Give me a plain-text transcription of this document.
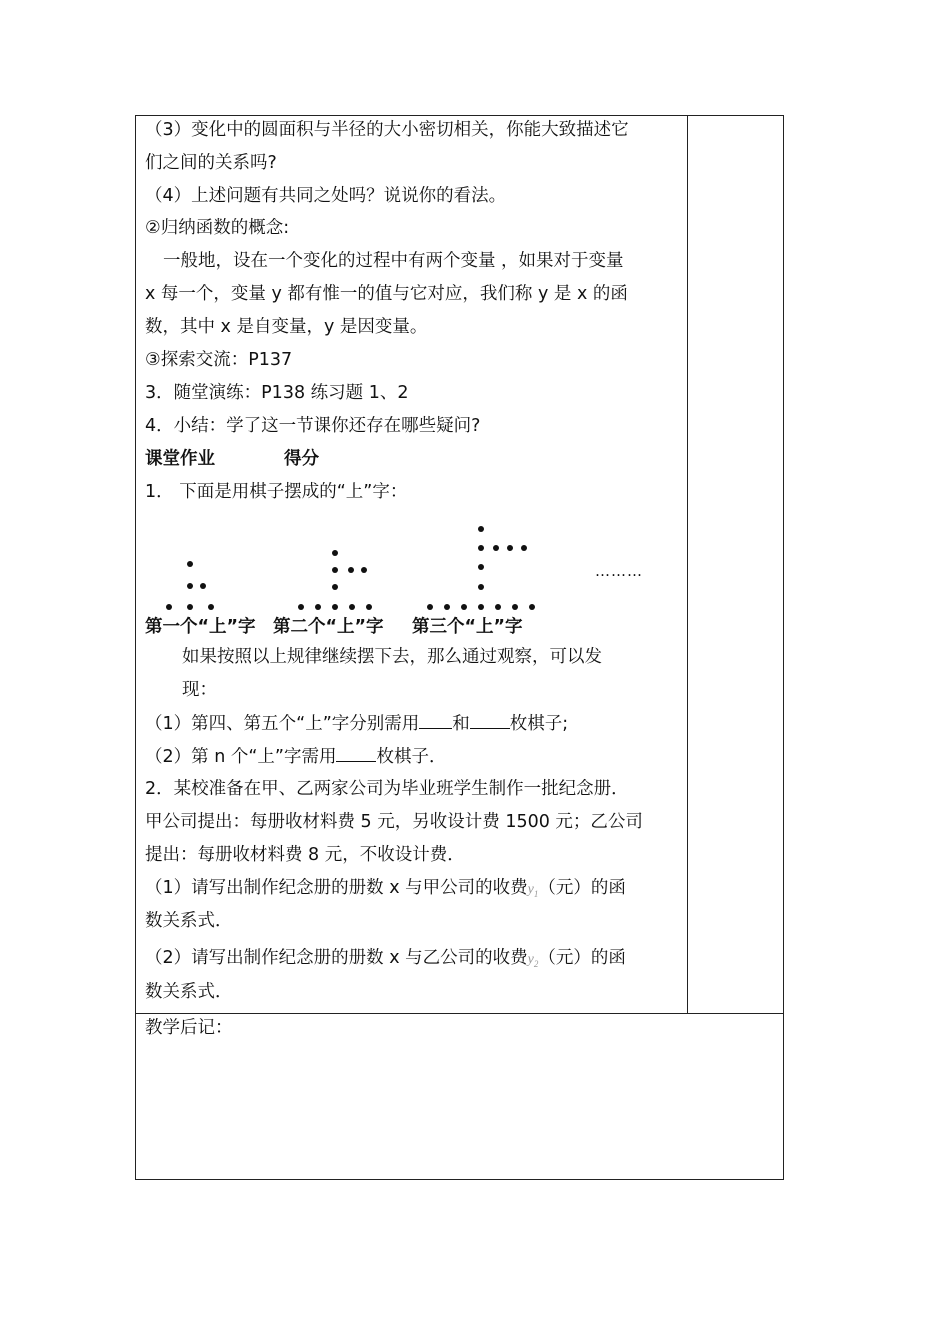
（3）变化中的圆面积与半径的大小密切相关，你能大致描述它
们之间的关系吗?
（4）上述问题有共同之处吗？说说你的看法。
②归纳函数的概念:
一般地，设在一个变化的过程中有两个变量 ，如果对于变量
x 每一个，变量 y 都有惟一的值与它对应，我们称 y 是 x 的函
数，其中 x 是自变量，y 是因变量。
③探索交流：P137
3．随堂演练：P138 练习题 1、2
4．小结：学了这一节课你还存在哪些疑问?
课堂作业	得分
1． 下面是用棋子摆成的“上”字：
………
第一个“上”字 第二个“上”字 第三个“上”字
如果按照以上规律继续摆下去，那么通过观察，可以发
现：
（1）第四、第五个“上”字分别需用 和 枚棋子;
（2）第 n 个“上”字需用 枚棋子．
2．某校准备在甲、乙两家公司为毕业班学生制作一批纪念册．
甲公司提出：每册收材料费 5 元，另收设计费 1500 元；乙公司
提出：每册收材料费 8 元，不收设计费．
（1）请写出制作纪念册的册数 x 与甲公司的收费$y_1$（元）的函
数关系式．
（2）请写出制作纪念册的册数 x 与乙公司的收费$y_2$（元）的函
数关系式．
教学后记：
